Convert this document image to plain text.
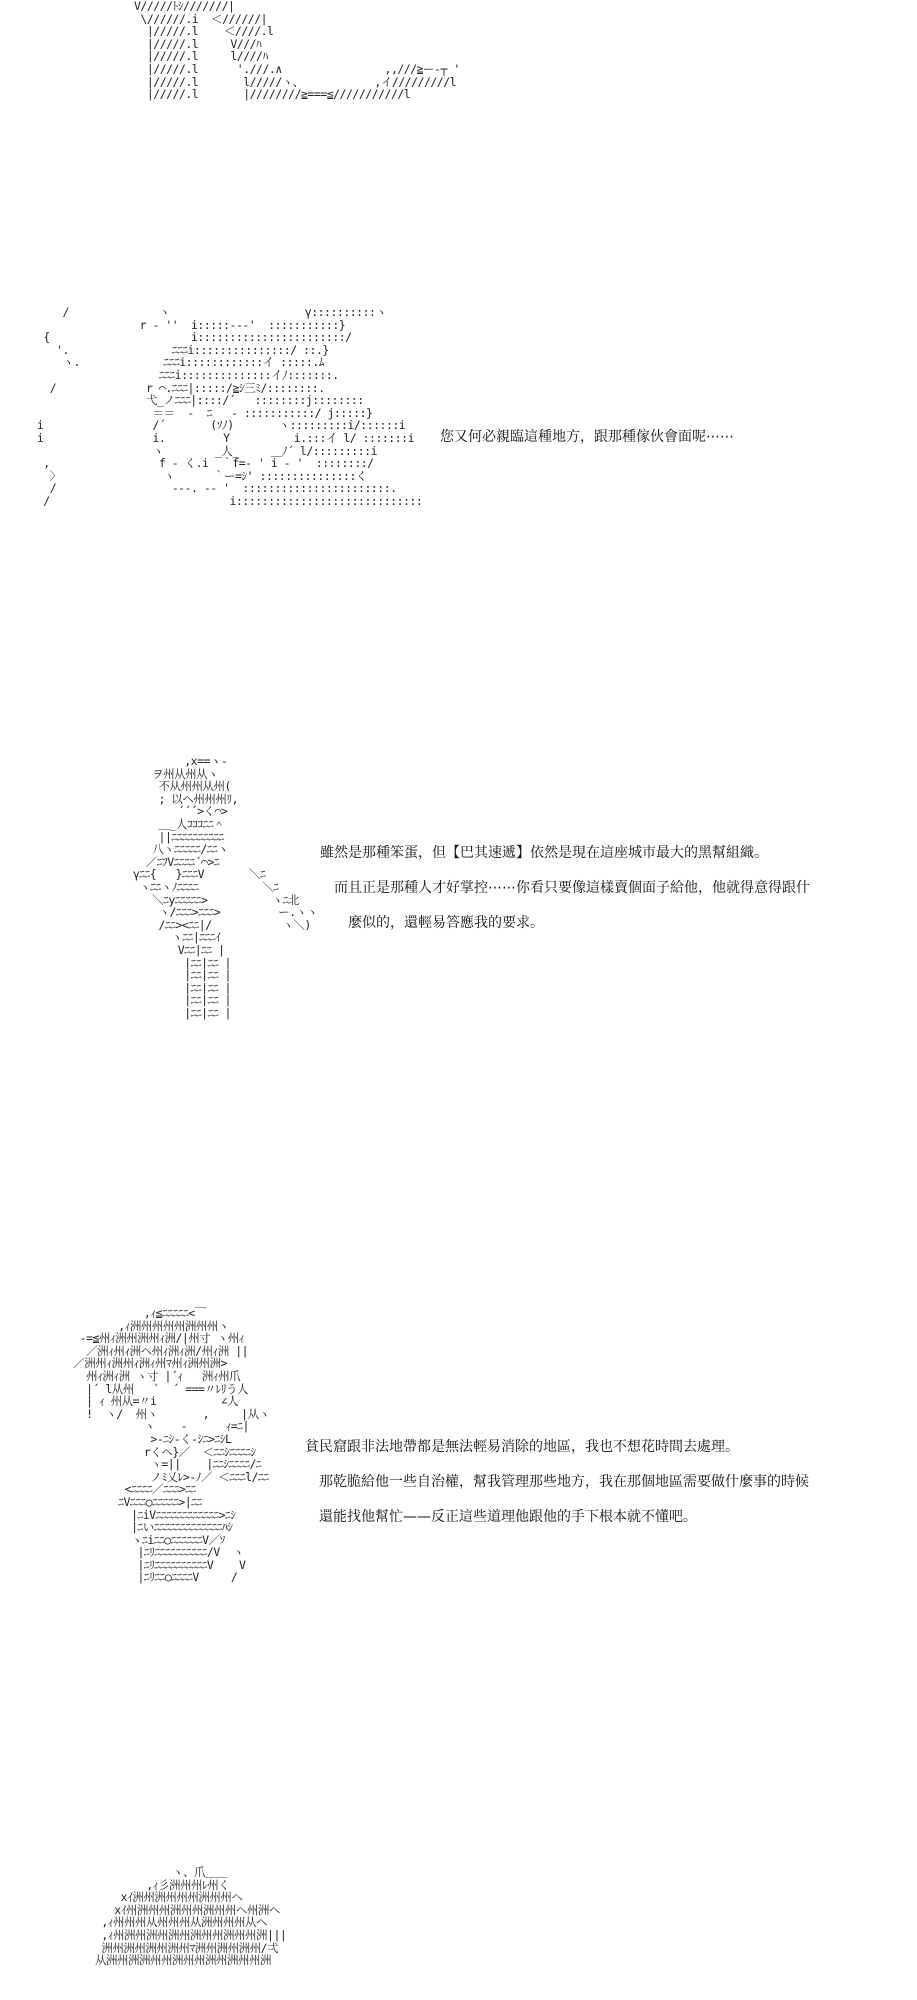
V/////ﾄｼ///////|
\//////.i  ＜//////|
|/////.l    ＜////.l
|/////.l     V///ﾊ
|/////.l     l////ﾊ
|/////.l      './//.∧                ,,///≧ー‐┬ '
|/////.l       l/////ヽ、           ,イ/////////l
|/////.l       |////////≧===≦///////////l
/              ヽ                     γ::::::::::ヽ
r ‐ ''  i:::::‐-‐'  :::::::::::}
{                      i:::::::::::::::::::::::/
'.                ﾆﾆﾆi:::::::::::::::/ ::.}
ヽ.             ﾆﾆﾆi::::::::::::イ :::::.ﾑ
ﾆﾆﾆi::::::::::::::イﾉ:::::::.
/              r ⌒.ﾆﾆﾆ|:::::/≧ｼ三ﾐ/::::::::.
弋_ノﾆﾆﾆ|::::/´   ::::::::j::::::::
＝＝  ‐  ﾆ   ‐ :::::::::::/ j:::::}
i                 /´       (ｿﾉ)       ヽ:::::::::i/::::::i
i                 i.         Y          i.:::イ l/ :::::::i
ヽ        _人_     ＿ﾉ´ l/:::::::::i
,                 f ‐ く.i  ｀f=‐ ' i ‐ '  ::::::::/
〉                ヽ      ｀ー=ｼ' :::::::::::::::く
/                  ‐‐‐. ‐‐ '  :::::::::::::::::::::::.
/                            i:::::::::::::::::::::::::::::
您又何必親臨這種地方，跟那種傢伙會面呢⋯⋯
,x==ヽ‐
ヲ州从州从ヽ
不从州州从州(
; 以ヘ州州州ﾘ,
´´´>く⌒>
＿_人ｺｺｺﾆﾆ＾
||ﾆﾆﾆﾆﾆﾆﾆﾆﾆﾆ
八ヽﾆﾆﾆﾆﾆ/ﾆﾆヽ
／ﾆﾌVﾆﾆﾆﾆ´⌒>ﾆ
γﾆﾆ{   }ﾆﾆﾆV       ＼ﾆ
ヽﾆﾆヽﾉﾆﾆﾆﾆ          ＼ﾆ
＼ﾆyﾆﾆﾆﾆﾆ>          ヽﾆ北
ヽ/ﾆﾆﾆ>ﾆﾆﾆ>         ー.ヽヽ
/ﾆﾆ><ﾆﾆ|/           ヽ＼)
ヽﾆﾆ|ﾆﾆﾆｲ
Vﾆﾆ|ﾆﾆ |
|ﾆﾆ|ﾆﾆ |
|ﾆﾆ|ﾆﾆ |
|ﾆﾆ|ﾆﾆ |
|ﾆﾆ|ﾆﾆ |
|ﾆﾆ|ﾆﾆ |
雖然是那種笨蛋，但【巴其速遞】依然是現在這座城市最大的黑幫組織。
　而且正是那種人才好掌控⋯⋯你看只要像這樣賣個面子給他，他就得意得跟什
　　麼似的，還輕易答應我的要求。
,ｨ≦ﾆﾆﾆﾆﾆ<￣
,ｨ洲州州州州洲州州ヽ
‐=≦州ｨ洲州洲州ｨ洲/|州寸 ヽ州ｨ
／洲ｨ州ｨ洲ヘ州ｨ洲ｨ洲/州ｨ洲 ||
／洲州ｨ洲州ｨ洲ｨ州ﾏ州ｨ洲州洲>
州ｨ洲ｨ洲 ヽ寸 |´ｨ   洲ｨ州爪
|´ l从州   `  ´ ===〃ﾚﾘう人
| ｨ 州从=〃i          ∠人
!  ヽ/  州ヽ       ,     |从ヽ
ヽ    ‐      ｨ=ﾆ|
>‐ﾆｼ‐く‐ｼﾆ>ﾆｼL
rくヘ}／  ＜ﾆﾆｼﾆﾆﾆﾆｼ
ヽ=||    |ﾆﾆｼﾆﾆﾆﾆ/ﾆ
ノﾐ乂ﾚ>‐ﾉ／ ＜ﾆﾆﾆl/ﾆﾆ
<ﾆﾆﾆﾆ／ﾆﾆﾆ>ﾆﾆ
ﾆVﾆﾆﾆ○ﾆﾆﾆﾆﾆ>|ﾆﾆ
|ﾆiVﾆﾆﾆﾆﾆﾆﾆﾆﾆﾆﾆﾆ>ﾆｼ
|ﾆいﾆﾆﾆﾆﾆﾆﾆﾆﾆﾆﾆﾆﾆﾊｼ
ヽﾆiﾆﾆ○ﾆﾆﾆﾆﾆﾆV／ｿ
|ﾆﾘﾆﾆﾆﾆﾆﾆﾆﾆﾆﾆ/V  ヽ
|ﾆﾘﾆﾆﾆﾆﾆﾆﾆﾆﾆﾆV    V
|ﾆﾘﾆﾆ○ﾆﾆﾆﾆV     /
貧民窟跟非法地帶都是無法輕易消除的地區，我也不想花時間去處理。
　那乾脆給他一些自治權，幫我管理那些地方，我在那個地區需要做什麼事的時候
　還能找他幫忙——反正這些道理他跟他的手下根本就不懂吧。
ヽ、爪＿＿
,ｨ彡洲州州ﾚ州く
xｲ洲州洲州州州洲州州ヘ
xｲ州洲州州洲州州洲州州ヘ州洲ヘ
,ｨ州州州从州州州从洲州州州从ヘ
,ｨ州洲州洲州洲州洲州州洲州州洲|||
洲州洲州洲州洲州ﾏ洲州洲州洲州/弌
从洲州洲洲州州洲州州洲州洲州州洲
